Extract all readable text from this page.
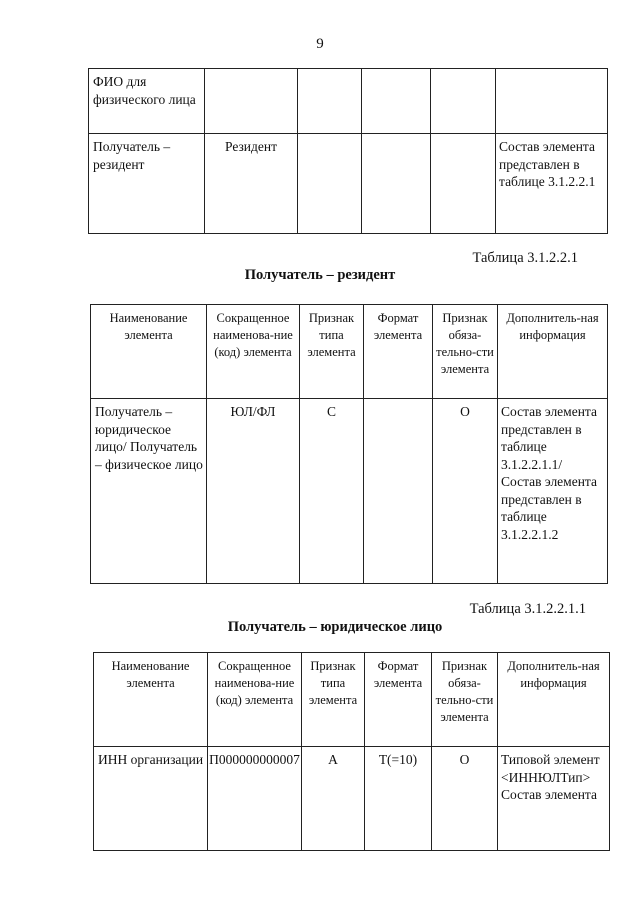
9
ФИО для физического лица					
Получатель – резидент	Резидент				Состав элемента представлен в таблице 3.1.2.2.1
Таблица 3.1.2.2.1
Получатель – резидент
Наименование элемента	Сокращенное наименова-ние (код) элемента	Признак типа элемента	Формат элемента	Признак обяза-тельно-сти элемента	Дополнитель-ная информация
Получатель – юридическое лицо/ Получатель – физическое лицо	ЮЛ/ФЛ	С		О	Состав элемента представлен в таблице 3.1.2.2.1.1/ Состав элемента представлен в таблице 3.1.2.2.1.2
Таблица 3.1.2.2.1.1
Получатель – юридическое лицо
Наименование элемента	Сокращенное наименова-ние (код) элемента	Признак типа элемента	Формат элемента	Признак обяза-тельно-сти элемента	Дополнитель-ная информация
ИНН организации	П000000000007	А	T(=10)	О	Типовой элемент <ИННЮЛТип> Состав элемента
